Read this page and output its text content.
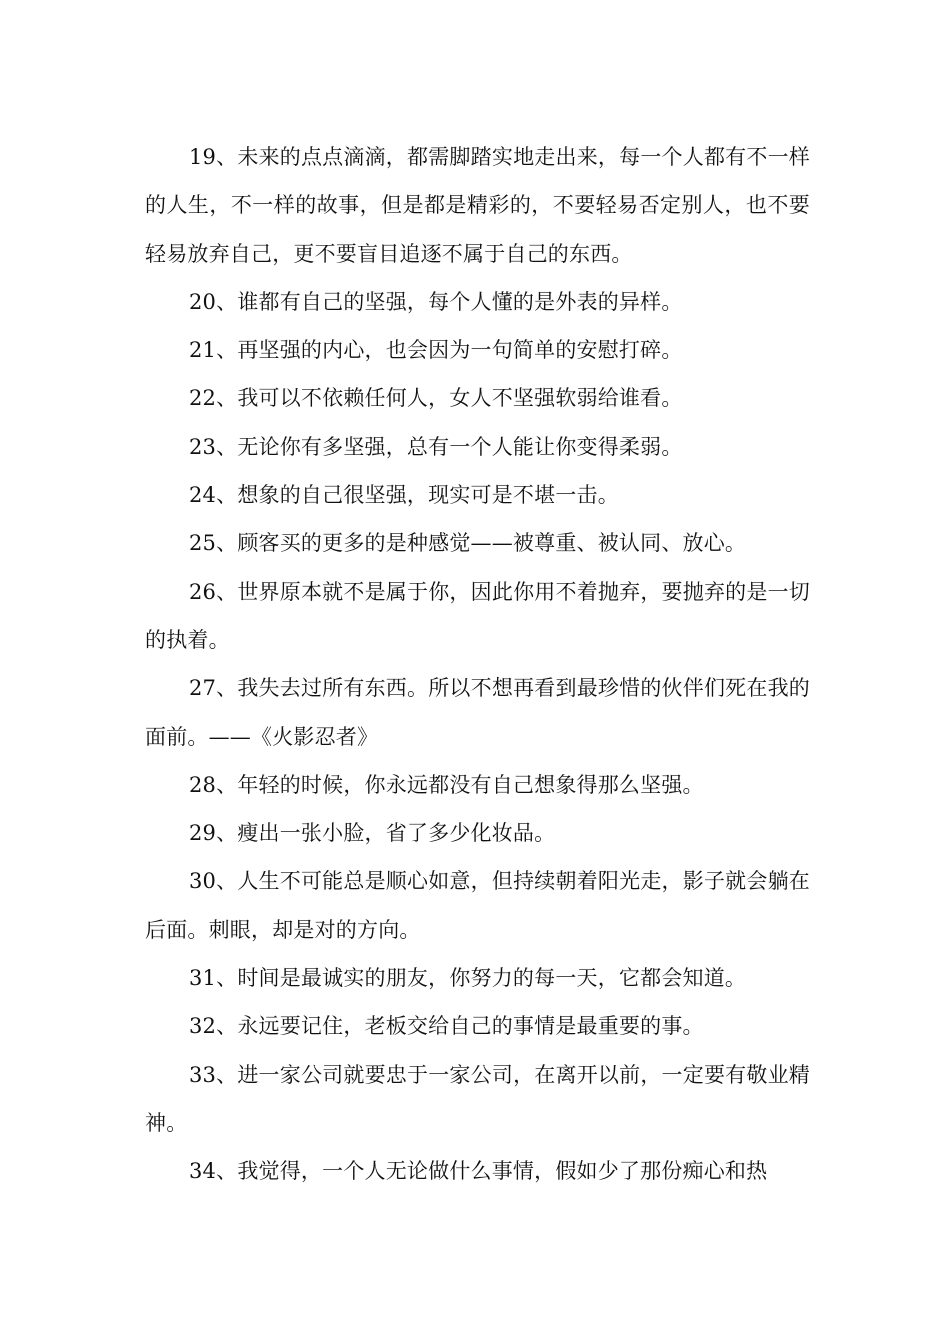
19、未来的点点滴滴，都需脚踏实地走出来，每一个人都有不一样的人生，不一样的故事，但是都是精彩的，不要轻易否定别人，也不要轻易放弃自己，更不要盲目追逐不属于自己的东西。

20、谁都有自己的坚强，每个人懂的是外表的异样。

21、再坚强的内心，也会因为一句简单的安慰打碎。

22、我可以不依赖任何人，女人不坚强软弱给谁看。

23、无论你有多坚强，总有一个人能让你变得柔弱。

24、想象的自己很坚强，现实可是不堪一击。

25、顾客买的更多的是种感觉——被尊重、被认同、放心。

26、世界原本就不是属于你，因此你用不着抛弃，要抛弃的是一切的执着。

27、我失去过所有东西。所以不想再看到最珍惜的伙伴们死在我的面前。——《火影忍者》

28、年轻的时候，你永远都没有自己想象得那么坚强。

29、瘦出一张小脸，省了多少化妆品。

30、人生不可能总是顺心如意，但持续朝着阳光走，影子就会躺在后面。刺眼，却是对的方向。

31、时间是最诚实的朋友，你努力的每一天，它都会知道。

32、永远要记住，老板交给自己的事情是最重要的事。

33、进一家公司就要忠于一家公司，在离开以前，一定要有敬业精神。

34、我觉得，一个人无论做什么事情，假如少了那份痴心和热
